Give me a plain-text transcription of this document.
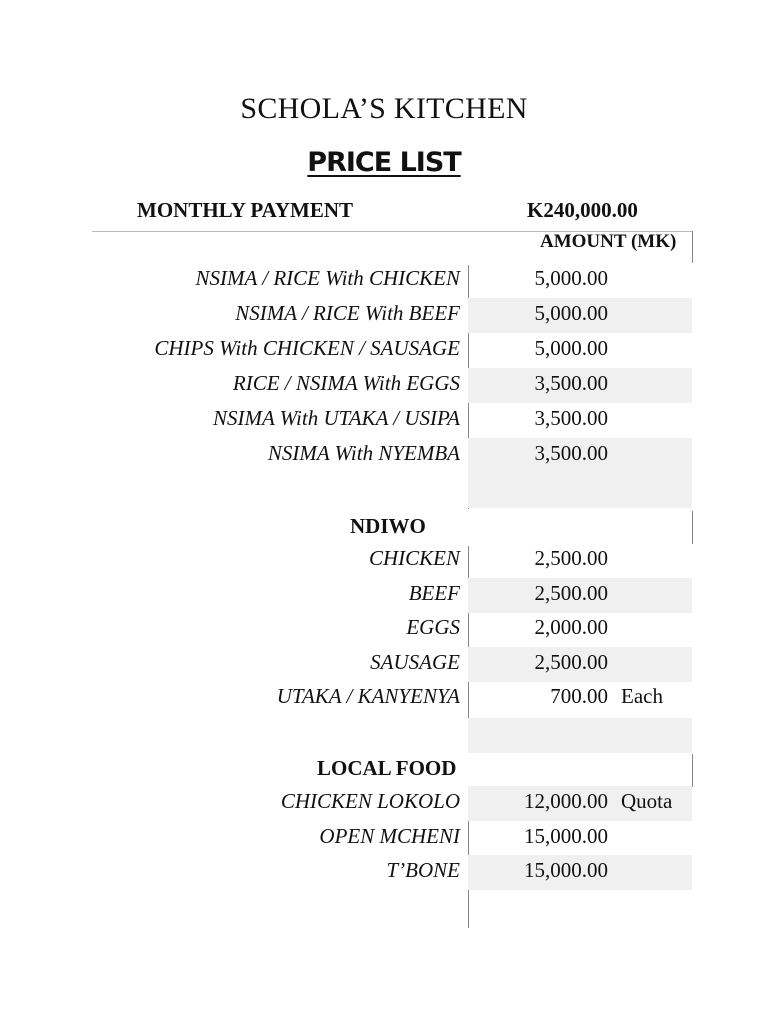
SCHOLA’S KITCHEN
PRICE LIST
MONTHLY PAYMENT	K240,000.00
AMOUNT (MK)
NSIMA / RICE With CHICKEN	5,000.00
NSIMA / RICE With BEEF	5,000.00
CHIPS With CHICKEN / SAUSAGE	5,000.00
RICE / NSIMA With EGGS	3,500.00
NSIMA With UTAKA / USIPA	3,500.00
NSIMA With NYEMBA	3,500.00
NDIWO
CHICKEN	2,500.00
BEEF	2,500.00
EGGS	2,000.00
SAUSAGE	2,500.00
UTAKA / KANYENYA	700.00 Each
LOCAL FOOD
CHICKEN LOKOLO	12,000.00 Quota
OPEN MCHENI	15,000.00
T’BONE	15,000.00
